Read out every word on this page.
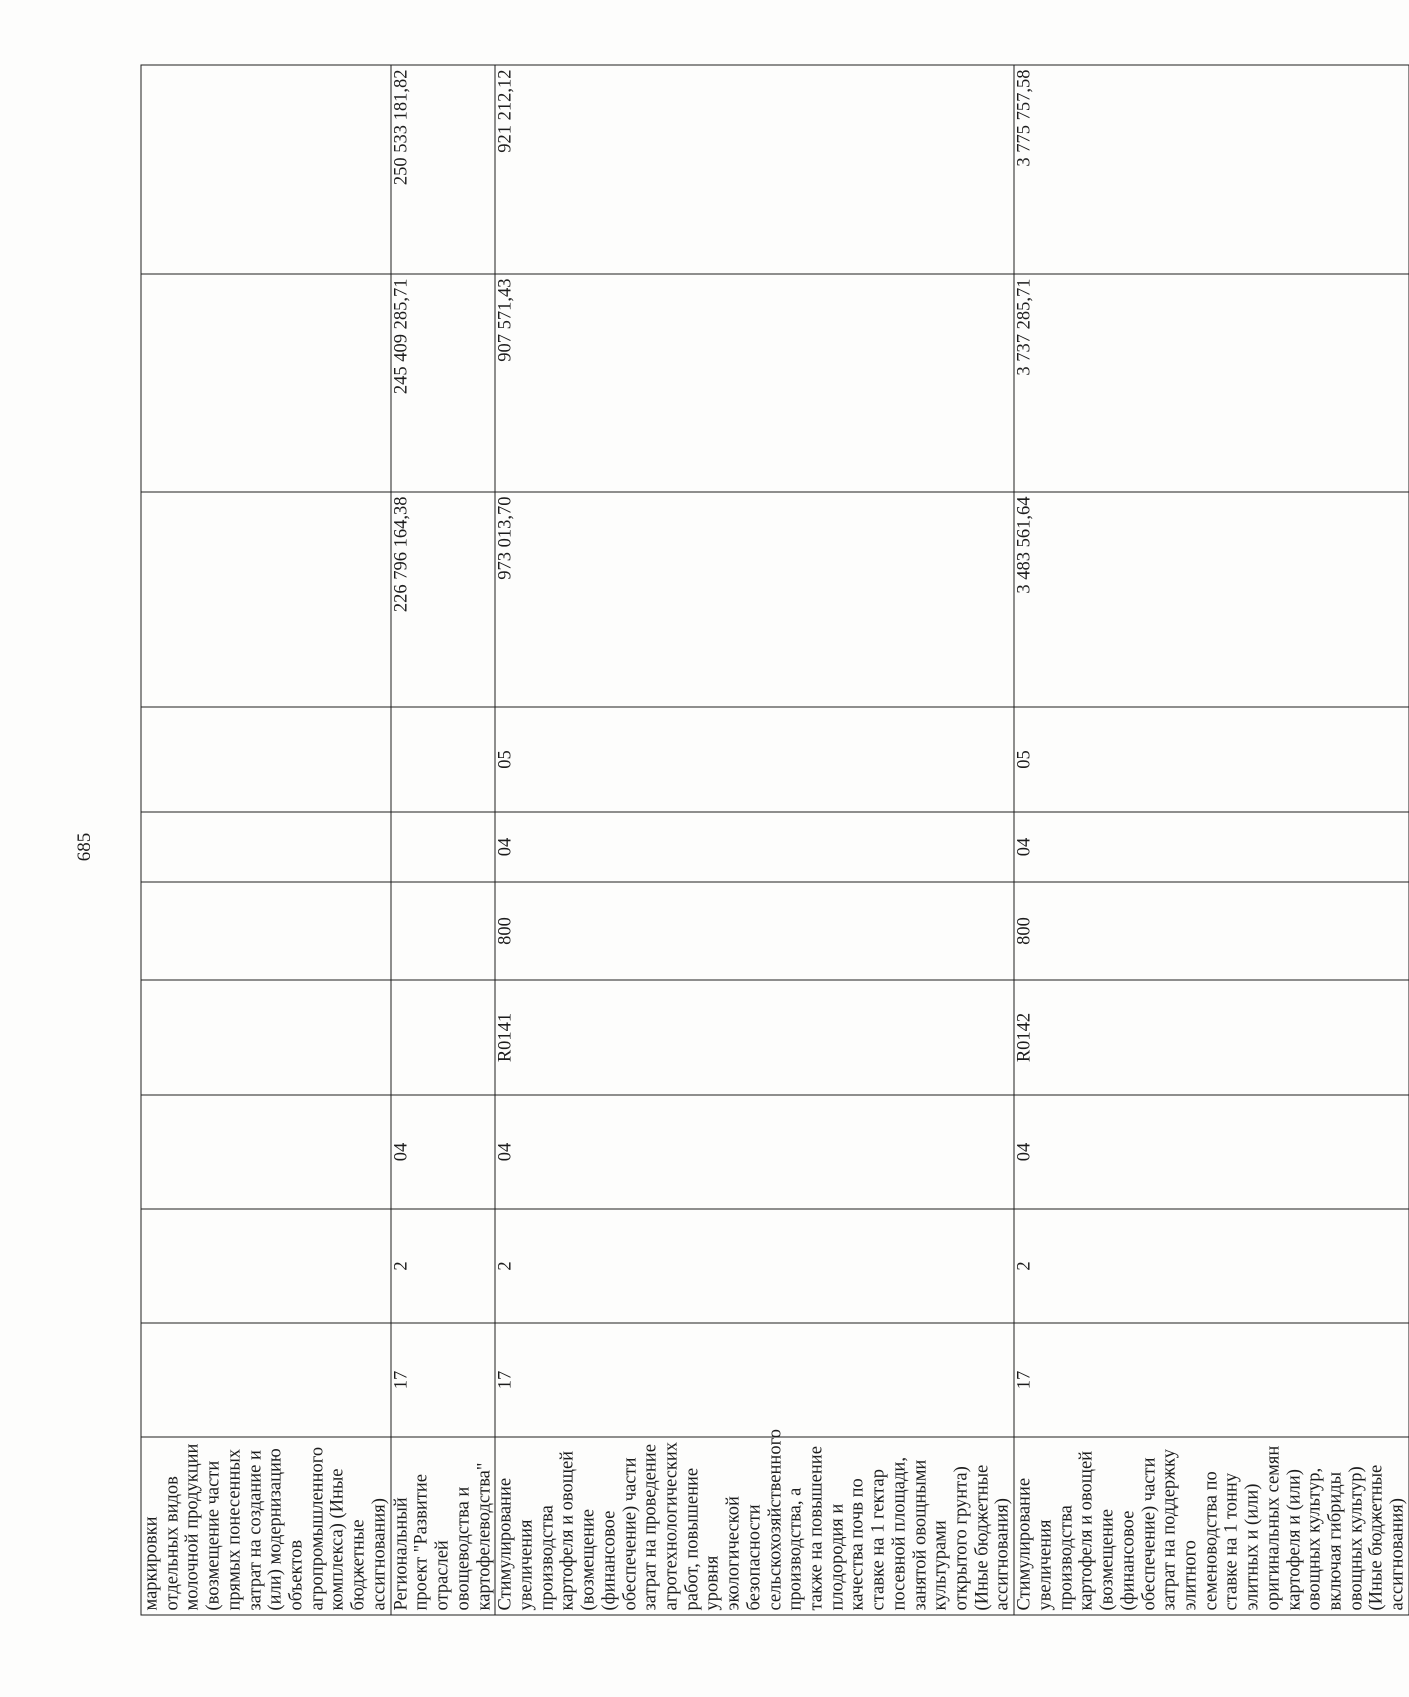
685
маркировки отдельных видов молочной продукции (возмещение части прямых понесенных затрат на создание и (или) модернизацию объектов агропромышленного комплекса) (Иные бюджетные ассигнования)										
Региональный проект "Развитие отраслей овощеводства и картофелеводства"	17	2	04					226 796 164,38	245 409 285,71	250 533 181,82
Стимулирование увеличения производства картофеля и овощей (возмещение (финансовое обеспечение) части затрат на проведение агротехнологических работ, повышение уровня экологической безопасности сельскохозяйственного производства, а также на повышение плодородия и качества почв по ставке на 1 гектар посевной площади, занятой овощными культурами открытого грунта) (Иные бюджетные ассигнования)	17	2	04	R0141	800	04	05	973 013,70	907 571,43	921 212,12
Стимулирование увеличения производства картофеля и овощей (возмещение (финансовое обеспечение) части затрат на поддержку элитного семеноводства по ставке на 1 тонну элитных и (или) оригинальных семян картофеля и (или) овощных культур, включая гибриды овощных культур) (Иные бюджетные ассигнования)	17	2	04	R0142	800	04	05	3 483 561,64	3 737 285,71	3 775 757,58
